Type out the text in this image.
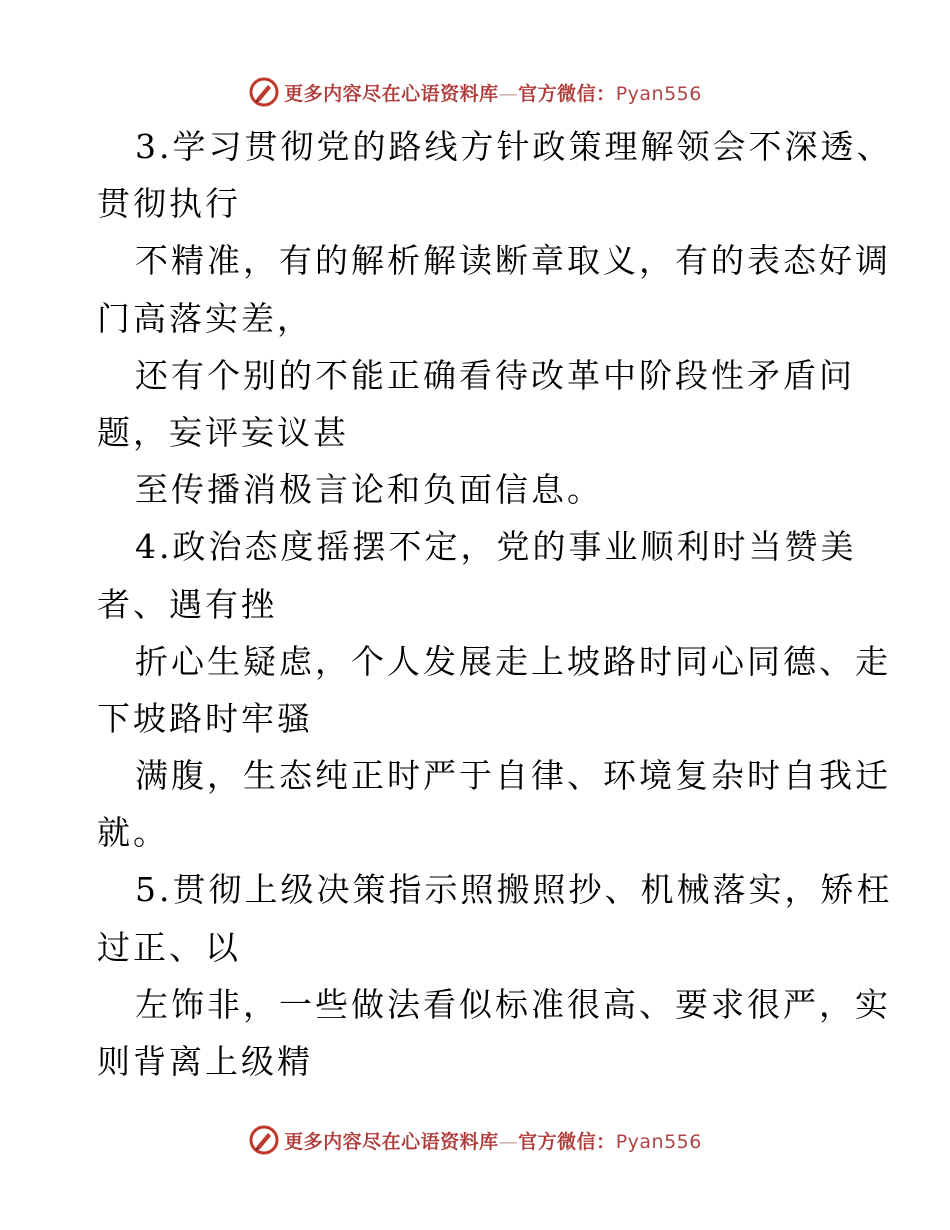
更多内容尽在心语资料库—官方微信：Pyan556
3.学习贯彻党的路线方针政策理解领会不深透、
贯彻执行
不精准，有的解析解读断章取义，有的表态好调
门高落实差，
还有个别的不能正确看待改革中阶段性矛盾问
题，妄评妄议甚
至传播消极言论和负面信息。
4.政治态度摇摆不定，党的事业顺利时当赞美
者、遇有挫
折心生疑虑，个人发展走上坡路时同心同德、走
下坡路时牢骚
满腹，生态纯正时严于自律、环境复杂时自我迁
就。
5.贯彻上级决策指示照搬照抄、机械落实，矫枉
过正、以
左饰非，一些做法看似标准很高、要求很严，实
则背离上级精
更多内容尽在心语资料库—官方微信：Pyan556
